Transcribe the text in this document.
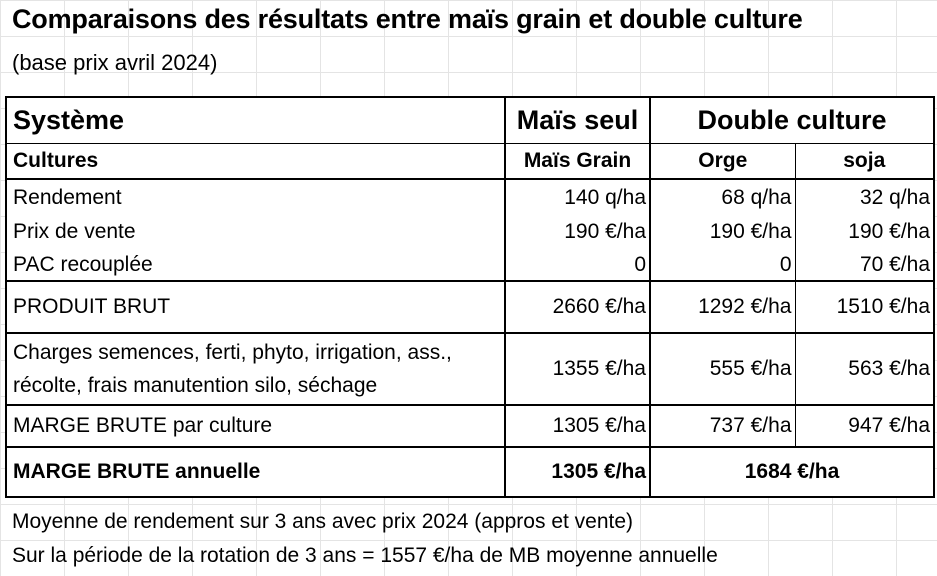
Comparaisons des résultats entre maïs grain et double culture
(base prix avril 2024)
Système	Maïs seul	Double culture	
Cultures	Maïs Grain	Orge	soja
Rendement	140 q/ha	68 q/ha	32 q/ha
Prix de vente	190 €/ha	190 €/ha	190 €/ha
PAC recouplée	0	0	70 €/ha
PRODUIT BRUT	2660 €/ha	1292 €/ha	1510 €/ha
Charges semences, ferti, phyto, irrigation, ass., récolte, frais manutention silo, séchage	1355 €/ha	555 €/ha	563 €/ha
MARGE BRUTE par culture	1305 €/ha	737 €/ha	947 €/ha
MARGE BRUTE annuelle	1305 €/ha	1684 €/ha	
Moyenne de rendement sur 3 ans avec prix 2024 (appros et vente)
Sur la période de la rotation de 3 ans = 1557 €/ha de MB moyenne annuelle
